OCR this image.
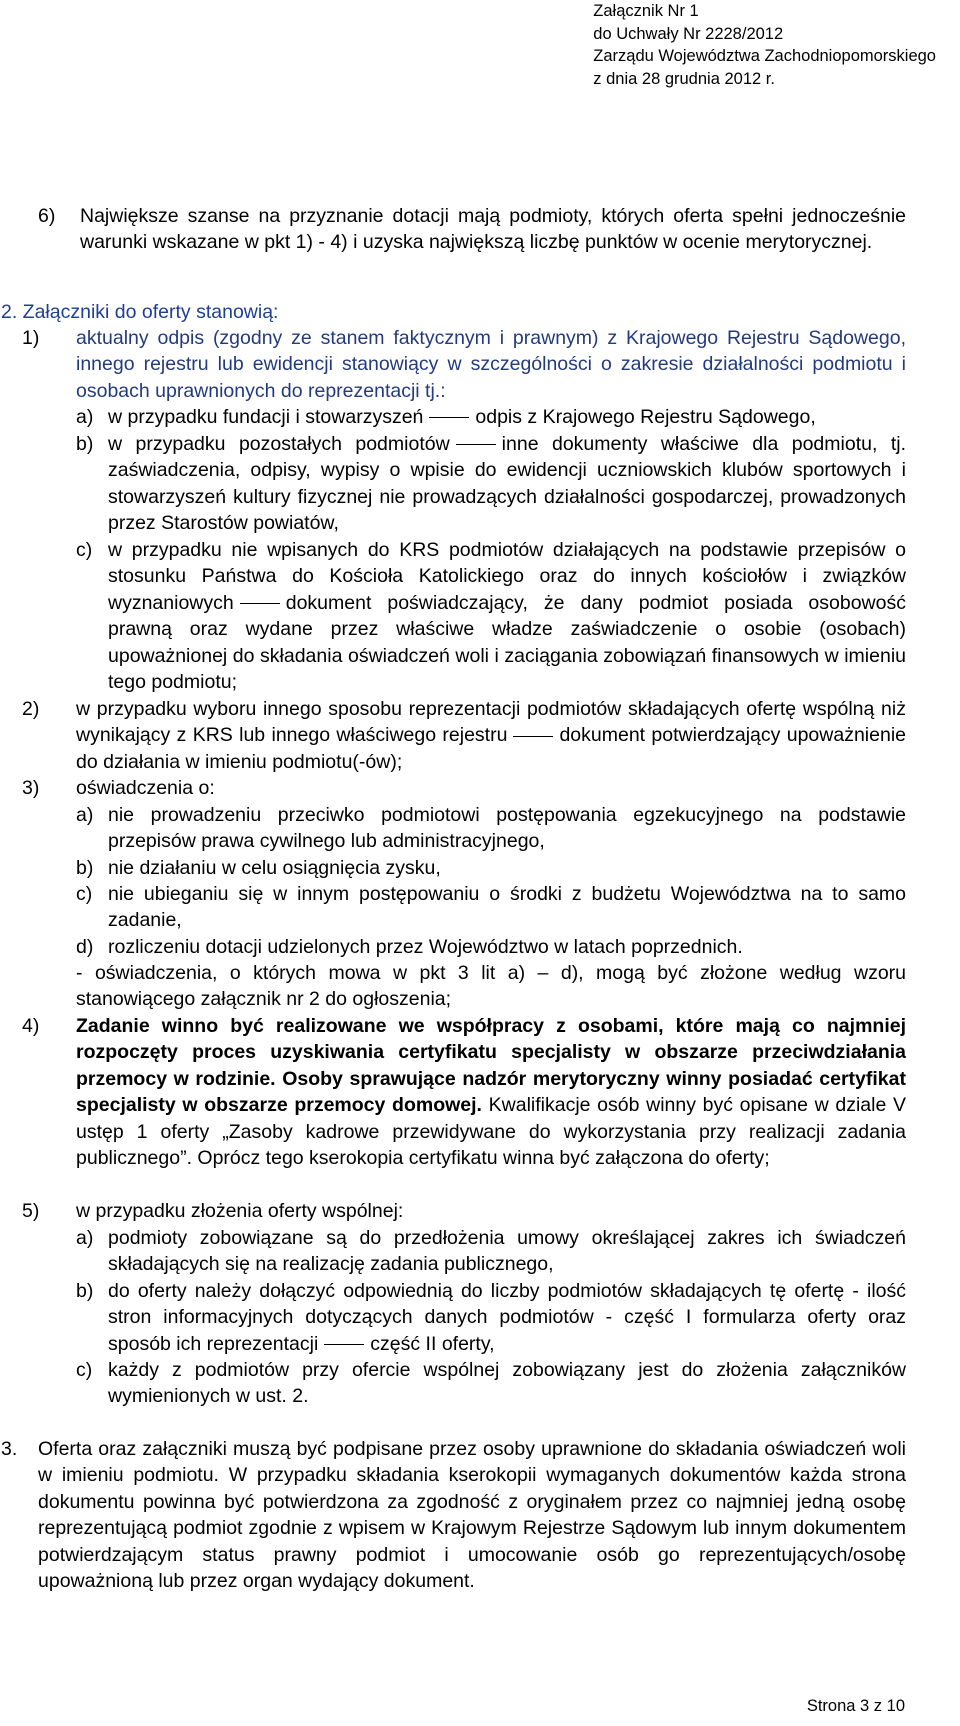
Załącznik Nr 1
do Uchwały Nr 2228/2012
Zarządu Województwa Zachodniopomorskiego
z dnia 28 grudnia 2012 r.
6) Największe szanse na przyznanie dotacji mają podmioty, których oferta spełni jednocześnie warunki wskazane w pkt 1) - 4) i uzyska największą liczbę punktów w ocenie merytorycznej.
2. Załączniki do oferty stanowią:
1) aktualny odpis (zgodny ze stanem faktycznym i prawnym) z Krajowego Rejestru Sądowego, innego rejestru lub ewidencji stanowiący w szczególności o zakresie działalności podmiotu i osobach uprawnionych do reprezentacji tj.:
a) w przypadku fundacji i stowarzyszeń	odpis z Krajowego Rejestru Sądowego,
b) w przypadku pozostałych podmiotów	inne dokumenty właściwe dla podmiotu, tj. zaświadczenia, odpisy, wypisy o wpisie do ewidencji uczniowskich klubów sportowych i stowarzyszeń kultury fizycznej nie prowadzących działalności gospodarczej, prowadzonych przez Starostów powiatów,
c) w przypadku nie wpisanych do KRS podmiotów działających na podstawie przepisów o stosunku Państwa do Kościoła Katolickiego oraz do innych kościołów i związków wyznaniowych	dokument poświadczający, że dany podmiot posiada osobowość prawną oraz wydane przez właściwe władze zaświadczenie o osobie (osobach) upoważnionej do składania oświadczeń woli i zaciągania zobowiązań finansowych w imieniu tego podmiotu;
2) w przypadku wyboru innego sposobu reprezentacji podmiotów składających ofertę wspólną niż wynikający z KRS lub innego właściwego rejestru	dokument potwierdzający upoważnienie do działania w imieniu podmiotu(-ów);
3) oświadczenia o:
a) nie prowadzeniu przeciwko podmiotowi postępowania egzekucyjnego na podstawie przepisów prawa cywilnego lub administracyjnego,
b) nie działaniu w celu osiągnięcia zysku,
c) nie ubieganiu się w innym postępowaniu o środki z budżetu Województwa na to samo zadanie,
d) rozliczeniu dotacji udzielonych przez Województwo w latach poprzednich.
- oświadczenia, o których mowa w pkt 3 lit a) – d), mogą być złożone według wzoru stanowiącego załącznik nr 2 do ogłoszenia;
4) Zadanie winno być realizowane we współpracy z osobami, które mają co najmniej rozpoczęty proces uzyskiwania certyfikatu specjalisty w obszarze przeciwdziałania przemocy w rodzinie. Osoby sprawujące nadzór merytoryczny winny posiadać certyfikat specjalisty w obszarze przemocy domowej. Kwalifikacje osób winny być opisane w dziale V ustęp 1 oferty „Zasoby kadrowe przewidywane do wykorzystania przy realizacji zadania publicznego”. Oprócz tego kserokopia certyfikatu winna być załączona do oferty;
5) w przypadku złożenia oferty wspólnej:
a) podmioty zobowiązane są do przedłożenia umowy określającej zakres ich świadczeń składających się na realizację zadania publicznego,
b) do oferty należy dołączyć odpowiednią do liczby podmiotów składających tę ofertę - ilość stron informacyjnych dotyczących danych podmiotów - część I formularza oferty oraz sposób ich reprezentacji	część II oferty,
c) każdy z podmiotów przy ofercie wspólnej zobowiązany jest do złożenia załączników wymienionych w ust. 2.
3. Oferta oraz załączniki muszą być podpisane przez osoby uprawnione do składania oświadczeń woli w imieniu podmiotu. W przypadku składania kserokopii wymaganych dokumentów każda strona dokumentu powinna być potwierdzona za zgodność z oryginałem przez co najmniej jedną osobę reprezentującą podmiot zgodnie z wpisem w Krajowym Rejestrze Sądowym lub innym dokumentem potwierdzającym status prawny podmiot i umocowanie osób go reprezentujących/osobę upoważnioną lub przez organ wydający dokument.
Strona 3 z 10
